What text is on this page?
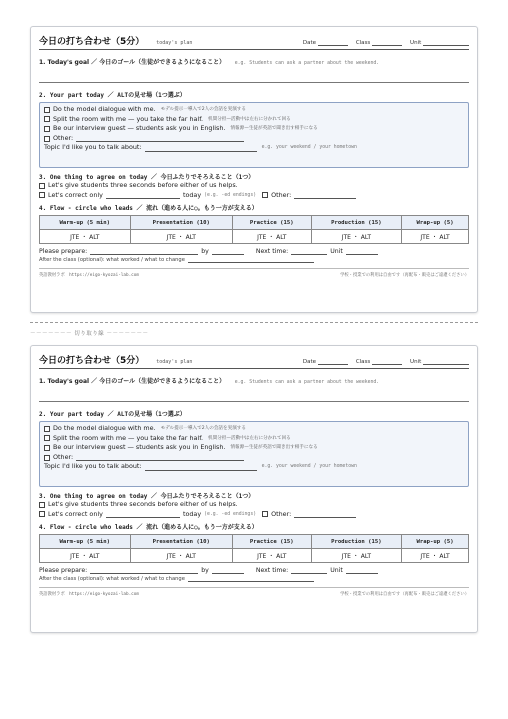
今日の打ち合わせ（5分） today's plan	Date	Class	Unit
1. Today's goal ／ 今日のゴール（生徒ができるようになること） e.g. Students can ask a partner about the weekend.
2. Your part today ／ ALTの見せ場（1つ選ぶ）
Do the model dialogue with me. モデル提示一導入で2人の会話を実演する
Split the room with me — you take the far half. 机間分担—活動中は左右に分かれて回る
Be our interview guest — students ask you in English. 情報源—生徒が英語で聞き出す相手になる
Other:
Topic I'd like you to talk about:	e.g. your weekend / your hometown
3. One thing to agree on today ／ 今日ふたりでそろえること（1つ）
Let's give students three seconds before either of us helps.
Let's correct only	today (e.g. -ed endings) Other:
4. Flow - circle who leads ／ 流れ（進める人に○。もう一方が支える）
Warm-up (5 min)	Presentation (10)	Practice (15)	Production (15)	Wrap-up (5)
JTE ・ ALT	JTE ・ ALT	JTE ・ ALT	JTE ・ ALT	JTE ・ ALT
Please prepare:	by	Next time:	Unit
After the class (optional): what worked / what to change
英語教材ラボ　https://eigo-kyozai-lab.com	学校・授業での利用は自由です（再配布・販売はご遠慮ください）
－－－－－－－ 切り取り線 －－－－－－－
今日の打ち合わせ（5分） today's plan	Date	Class	Unit
1. Today's goal ／ 今日のゴール（生徒ができるようになること） e.g. Students can ask a partner about the weekend.
2. Your part today ／ ALTの見せ場（1つ選ぶ）
Do the model dialogue with me. モデル提示一導入で2人の会話を実演する
Split the room with me — you take the far half. 机間分担—活動中は左右に分かれて回る
Be our interview guest — students ask you in English. 情報源—生徒が英語で聞き出す相手になる
Other:
Topic I'd like you to talk about:	e.g. your weekend / your hometown
3. One thing to agree on today ／ 今日ふたりでそろえること（1つ）
Let's give students three seconds before either of us helps.
Let's correct only	today (e.g. -ed endings) Other:
4. Flow - circle who leads ／ 流れ（進める人に○。もう一方が支える）
Warm-up (5 min)	Presentation (10)	Practice (15)	Production (15)	Wrap-up (5)
JTE ・ ALT	JTE ・ ALT	JTE ・ ALT	JTE ・ ALT	JTE ・ ALT
Please prepare:	by	Next time:	Unit
After the class (optional): what worked / what to change
英語教材ラボ　https://eigo-kyozai-lab.com	学校・授業での利用は自由です（再配布・販売はご遠慮ください）
